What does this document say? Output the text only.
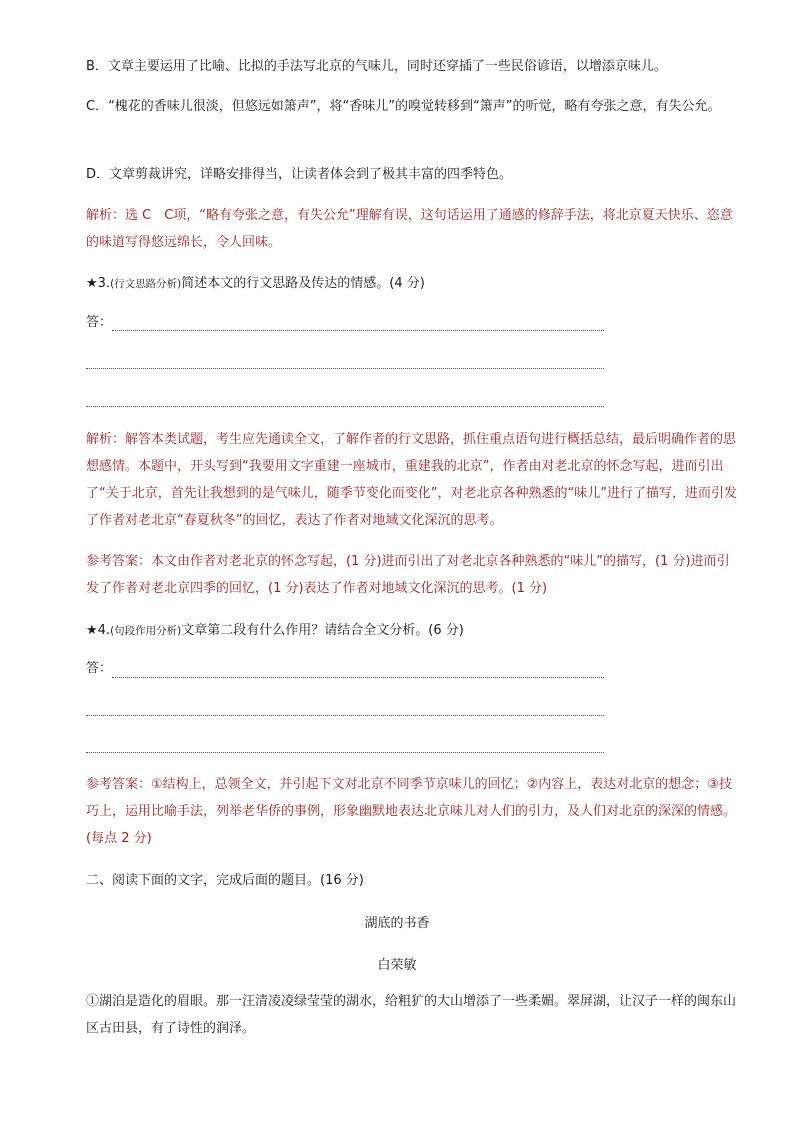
B．文章主要运用了比喻、比拟的手法写北京的气味儿，同时还穿插了一些民俗谚语，以增添京味儿。

C．“槐花的香味儿很淡，但悠远如箫声”，将“香味儿”的嗅觉转移到“箫声”的听觉，略有夸张之意，有失公允。

D．文章剪裁讲究，详略安排得当，让读者体会到了极其丰富的四季特色。

解析：选 C　C项，“略有夸张之意，有失公允”理解有误，这句话运用了通感的修辞手法，将北京夏天快乐、恣意的味道写得悠远绵长，令人回味。

★3.(行文思路分析)简述本文的行文思路及传达的情感。(4 分)

答：

解析：解答本类试题，考生应先通读全文，了解作者的行文思路，抓住重点语句进行概括总结，最后明确作者的思想感情。本题中，开头写到“我要用文字重建一座城市，重建我的北京”，作者由对老北京的怀念写起，进而引出了“关于北京，首先让我想到的是气味儿，随季节变化而变化”，对老北京各种熟悉的“味儿”进行了描写，进而引发了作者对老北京“春夏秋冬”的回忆，表达了作者对地域文化深沉的思考。

参考答案：本文由作者对老北京的怀念写起，(1 分)进而引出了对老北京各种熟悉的“味儿”的描写，(1 分)进而引发了作者对老北京四季的回忆，(1 分)表达了作者对地域文化深沉的思考。(1 分)

★4.(句段作用分析)文章第二段有什么作用？请结合全文分析。(6 分)

答：

参考答案：①结构上，总领全文，并引起下文对北京不同季节京味儿的回忆；②内容上，表达对北京的想念；③技巧上，运用比喻手法，列举老华侨的事例，形象幽默地表达北京味儿对人们的引力，及人们对北京的深深的情感。(每点 2 分)

二、阅读下面的文字，完成后面的题目。(16 分)

湖底的书香
白荣敏

①湖泊是造化的眉眼。那一汪清凌凌绿莹莹的湖水，给粗犷的大山增添了一些柔媚。翠屏湖，让汉子一样的闽东山区古田县，有了诗性的润泽。
